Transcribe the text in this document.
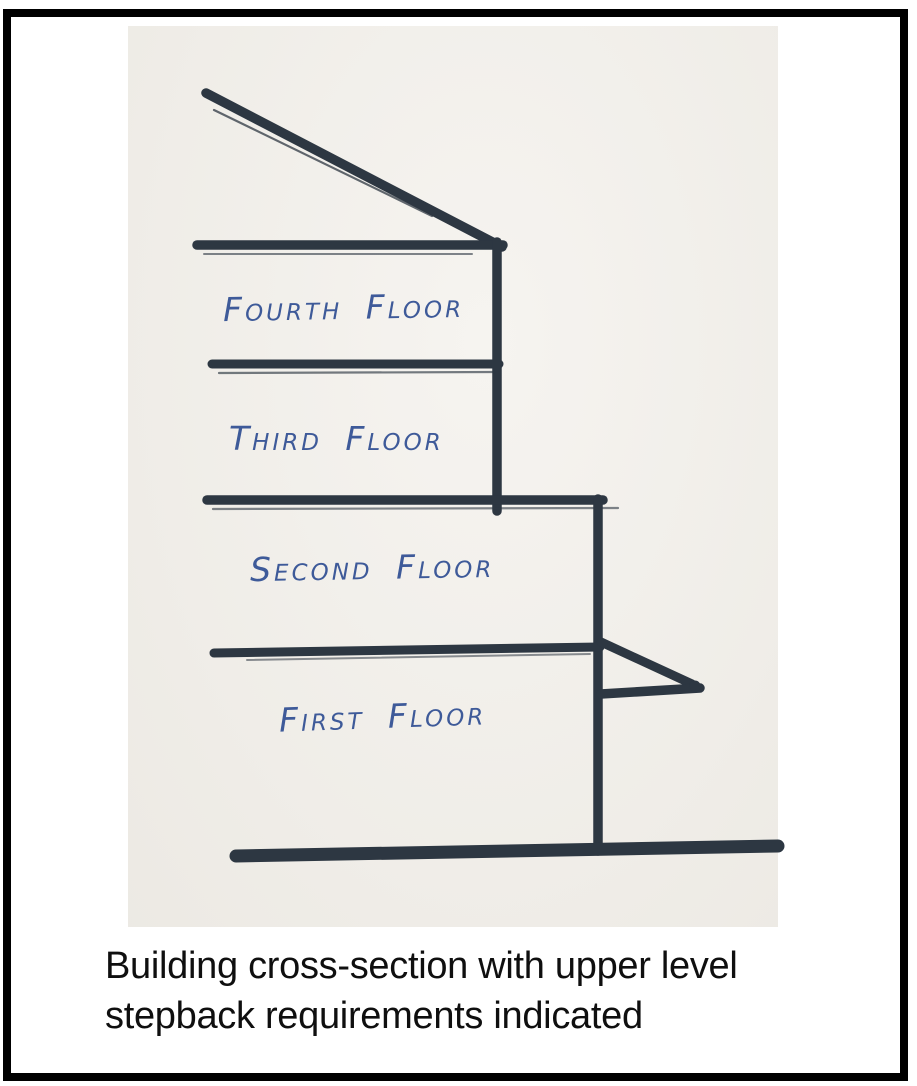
Fourth Floor
Third Floor
Second Floor
First Floor
Building cross-section with upper level
stepback requirements indicated
